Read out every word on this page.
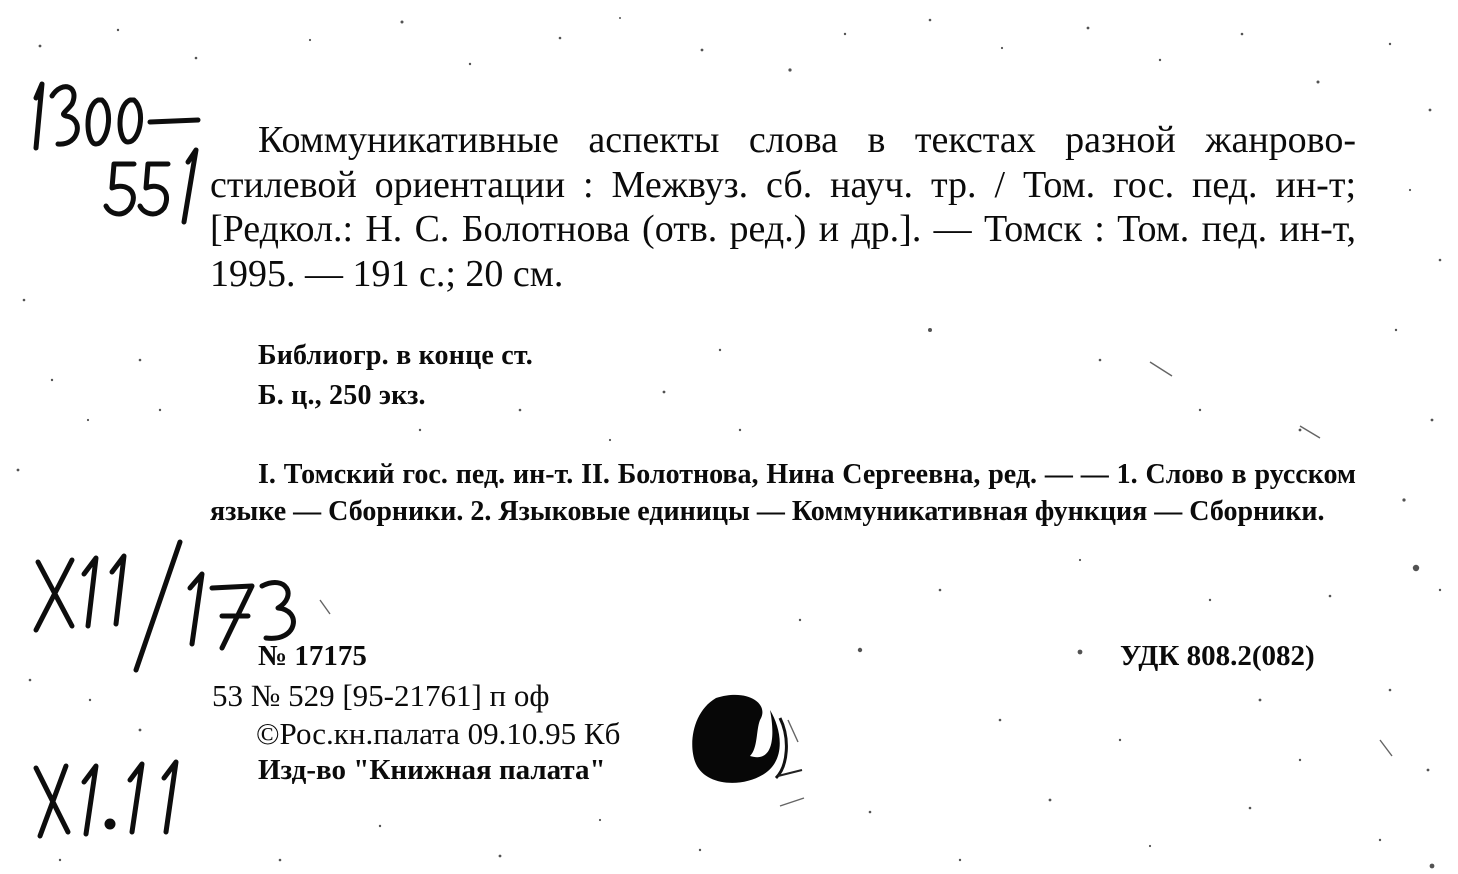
Коммуникативные аспекты слова в текстах разной жанрово-стилевой ориентации : Межвуз. сб. науч. тр. / Том. гос. пед. ин-т; [Редкол.: Н. С. Болотнова (отв. ред.) и др.]. — Томск : Том. пед. ин-т, 1995. — 191 с.; 20 см.

Библиогр. в конце ст.

Б. ц., 250 экз.

I. Томский гос. пед. ин-т. II. Болотнова, Нина Сергеевна, ред. — — 1. Слово в русском языке — Сборники. 2. Языковые единицы — Коммуникативная функция — Сборники.

№ 17175	УДК 808.2(082)

53 № 529 [95-21761] п оф

©Рос.кн.палата 09.10.95 Кб

Изд-во "Книжная палата"
